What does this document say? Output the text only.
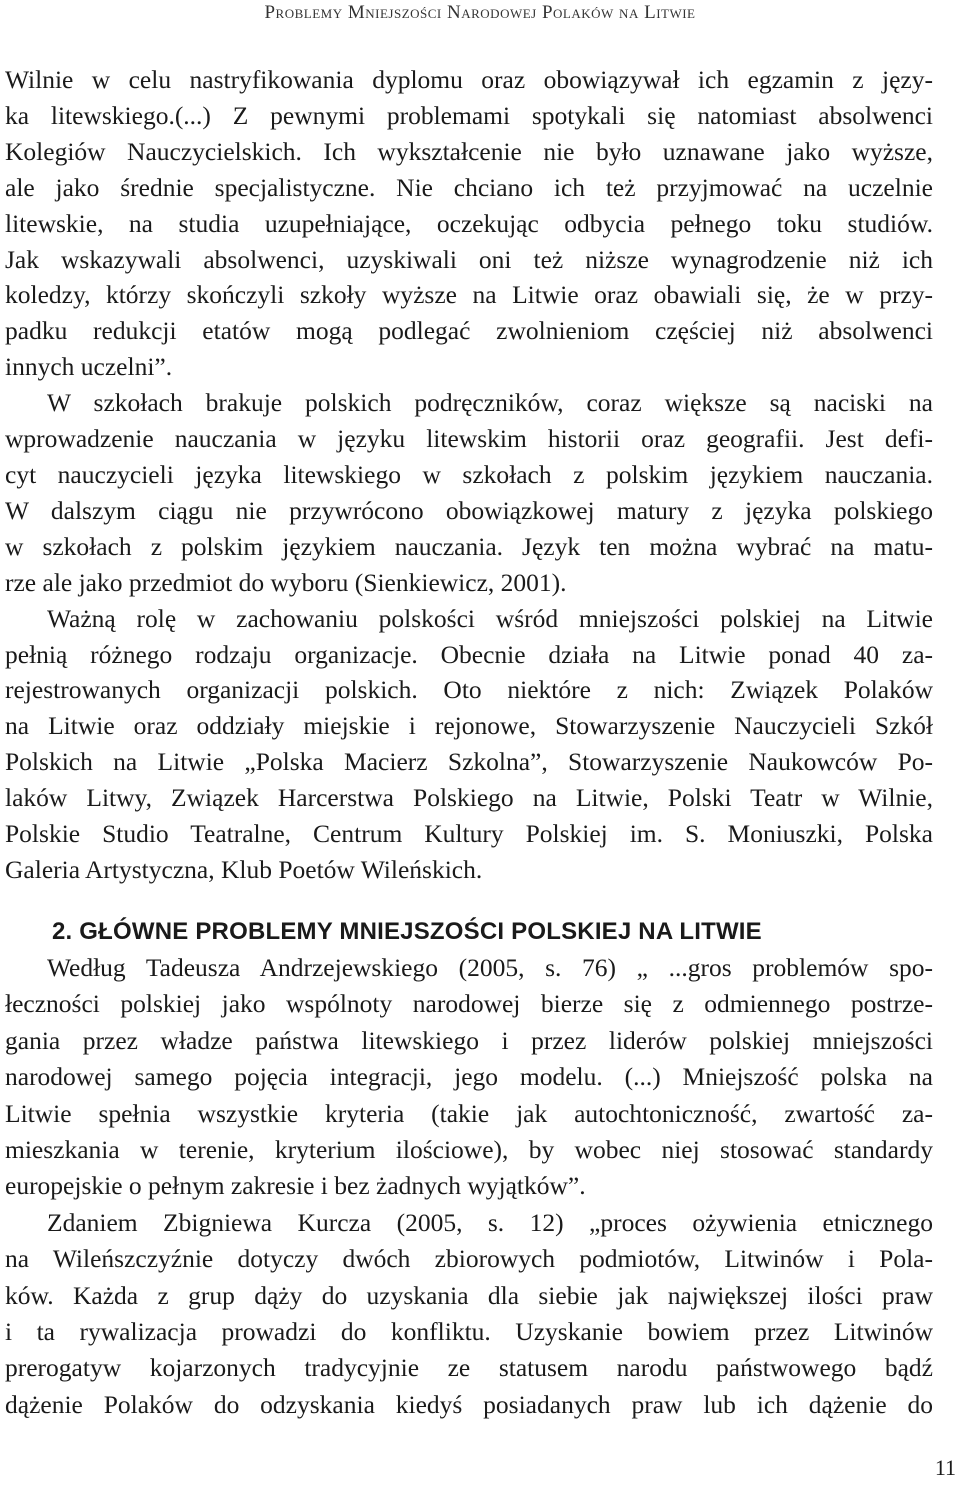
Problemy Mniejszości Narodowej Polaków na Litwie

Wilnie w celu nastryfikowania dyplomu oraz obowiązywał ich egzamin z języ-

ka litewskiego.(...) Z pewnymi problemami spotykali się natomiast absolwenci

Kolegiów Nauczycielskich. Ich wykształcenie nie było uznawane jako wyższe,

ale jako średnie specjalistyczne. Nie chciano ich też przyjmować na uczelnie

litewskie, na studia uzupełniające, oczekując odbycia pełnego toku studiów.

Jak wskazywali absolwenci, uzyskiwali oni też niższe wynagrodzenie niż ich

koledzy, którzy skończyli szkoły wyższe na Litwie oraz obawiali się, że w przy-

padku redukcji etatów mogą podlegać zwolnieniom częściej niż absolwenci

innych uczelni”.

W szkołach brakuje polskich podręczników, coraz większe są naciski na

wprowadzenie nauczania w języku litewskim historii oraz geografii. Jest defi-

cyt nauczycieli języka litewskiego w szkołach z polskim językiem nauczania.

W dalszym ciągu nie przywrócono obowiązkowej matury z języka polskiego

w szkołach z polskim językiem nauczania. Język ten można wybrać na matu-

rze ale jako przedmiot do wyboru (Sienkiewicz, 2001).

Ważną rolę w zachowaniu polskości wśród mniejszości polskiej na Litwie

pełnią różnego rodzaju organizacje. Obecnie działa na Litwie ponad 40 za-

rejestrowanych organizacji polskich. Oto niektóre z nich: Związek Polaków

na Litwie oraz oddziały miejskie i rejonowe, Stowarzyszenie Nauczycieli Szkół

Polskich na Litwie „Polska Macierz Szkolna”, Stowarzyszenie Naukowców Po-

laków Litwy, Związek Harcerstwa Polskiego na Litwie, Polski Teatr w Wilnie,

Polskie Studio Teatralne, Centrum Kultury Polskiej im. S. Moniuszki, Polska

Galeria Artystyczna, Klub Poetów Wileńskich.

2. GŁÓWNE PROBLEMY MNIEJSZOŚCI POLSKIEJ NA LITWIE

Według Tadeusza Andrzejewskiego (2005, s. 76) „ ...gros problemów spo-

łeczności polskiej jako wspólnoty narodowej bierze się z odmiennego postrze-

gania przez władze państwa litewskiego i przez liderów polskiej mniejszości

narodowej samego pojęcia integracji, jego modelu. (...) Mniejszość polska na

Litwie spełnia wszystkie kryteria (takie jak autochtoniczność, zwartość za-

mieszkania w terenie, kryterium ilościowe), by wobec niej stosować standardy

europejskie o pełnym zakresie i bez żadnych wyjątków”.

Zdaniem Zbigniewa Kurcza (2005, s. 12) „proces ożywienia etnicznego

na Wileńszczyźnie dotyczy dwóch zbiorowych podmiotów, Litwinów i Pola-

ków. Każda z grup dąży do uzyskania dla siebie jak największej ilości praw

i ta rywalizacja prowadzi do konfliktu. Uzyskanie bowiem przez Litwinów

prerogatyw kojarzonych tradycyjnie ze statusem narodu państwowego bądź

dążenie Polaków do odzyskania kiedyś posiadanych praw lub ich dążenie do

11
